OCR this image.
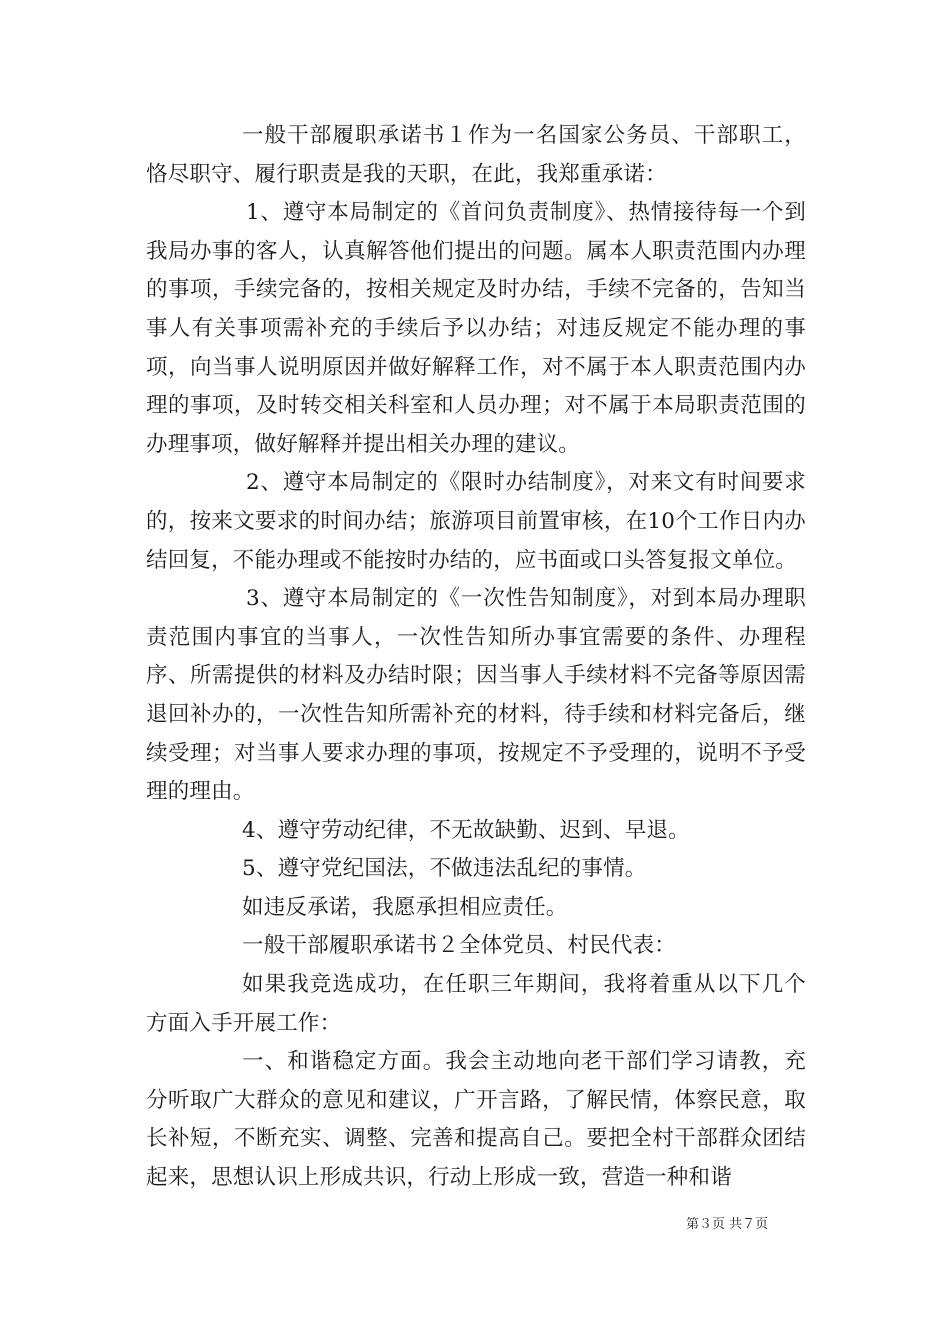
一般干部履职承诺书１作为一名国家公务员、干部职工，恪尽职守、履行职责是我的天职，在此，我郑重承诺：

1、遵守本局制定的《首问负责制度》、热情接待每一个到我局办事的客人，认真解答他们提出的问题。属本人职责范围内办理的事项，手续完备的，按相关规定及时办结，手续不完备的，告知当事人有关事项需补充的手续后予以办结；对违反规定不能办理的事项，向当事人说明原因并做好解释工作，对不属于本人职责范围内办理的事项，及时转交相关科室和人员办理；对不属于本局职责范围的办理事项，做好解释并提出相关办理的建议。

2、遵守本局制定的《限时办结制度》，对来文有时间要求的，按来文要求的时间办结；旅游项目前置审核，在10个工作日内办结回复，不能办理或不能按时办结的，应书面或口头答复报文单位。

3、遵守本局制定的《一次性告知制度》，对到本局办理职责范围内事宜的当事人，一次性告知所办事宜需要的条件、办理程序、所需提供的材料及办结时限；因当事人手续材料不完备等原因需退回补办的，一次性告知所需补充的材料，待手续和材料完备后，继续受理；对当事人要求办理的事项，按规定不予受理的，说明不予受理的理由。

4、遵守劳动纪律，不无故缺勤、迟到、早退。

5、遵守党纪国法，不做违法乱纪的事情。

如违反承诺，我愿承担相应责任。

一般干部履职承诺书２全体党员、村民代表：

如果我竞选成功，在任职三年期间，我将着重从以下几个方面入手开展工作：

一、和谐稳定方面。我会主动地向老干部们学习请教，充分听取广大群众的意见和建议，广开言路，了解民情，体察民意，取长补短，不断充实、调整、完善和提高自己。要把全村干部群众团结起来，思想认识上形成共识，行动上形成一致，营造一种和谐

第３页 共７页
